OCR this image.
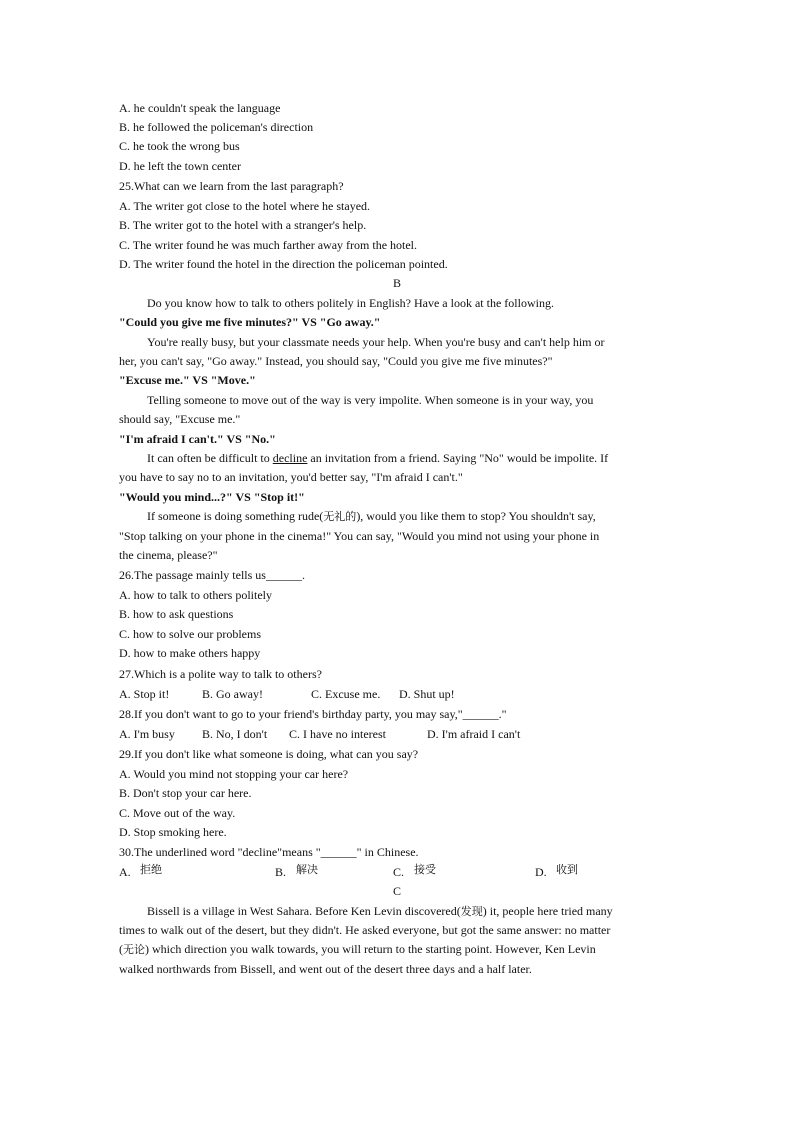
A. he couldn't speak the language
B. he followed the policeman's direction
C. he took the wrong bus
D. he left the town center
25.What can we learn from the last paragraph?
A. The writer got close to the hotel where he stayed.
B. The writer got to the hotel with a stranger's help.
C. The writer found he was much farther away from the hotel.
D. The writer found the hotel in the direction the policeman pointed.
B
Do you know how to talk to others politely in English? Have a look at the following.
"Could you give me five minutes?" VS "Go away."
You're really busy, but your classmate needs your help. When you're busy and can't help him or
her, you can't say, "Go away." Instead, you should say, "Could you give me five minutes?"
"Excuse me." VS "Move."
Telling someone to move out of the way is very impolite. When someone is in your way, you
should say, "Excuse me."
"I'm afraid I can't." VS "No."
It can often be difficult to decline an invitation from a friend. Saying "No" would be impolite. If
you have to say no to an invitation, you'd better say, "I'm afraid I can't."
"Would you mind...?" VS "Stop it!"
If someone is doing something rude(无礼的), would you like them to stop? You shouldn't say,
"Stop talking on your phone in the cinema!" You can say, "Would you mind not using your phone in
the cinema, please?"
26.The passage mainly tells us______.
A. how to talk to others politely
B. how to ask questions
C. how to solve our problems
D. how to make others happy
27.Which is a polite way to talk to others?
A. Stop it!	B. Go away!	C. Excuse me. D. Shut up!
28.If you don't want to go to your friend's birthday party, you may say,"______."
A. I'm busy B. No, I don't C. I have no interest	D. I'm afraid I can't
29.If you don't like what someone is doing, what can you say?
A. Would you mind not stopping your car here?
B. Don't stop your car here.
C. Move out of the way.
D. Stop smoking here.
30.The underlined word "decline"means "______" in Chinese.
A. 拒绝	B. 解决	C. 接受	D. 收到
C
Bissell is a village in West Sahara. Before Ken Levin discovered(发现) it, people here tried many
times to walk out of the desert, but they didn't. He asked everyone, but got the same answer: no matter
(无论) which direction you walk towards, you will return to the starting point. However, Ken Levin
walked northwards from Bissell, and went out of the desert three days and a half later.
